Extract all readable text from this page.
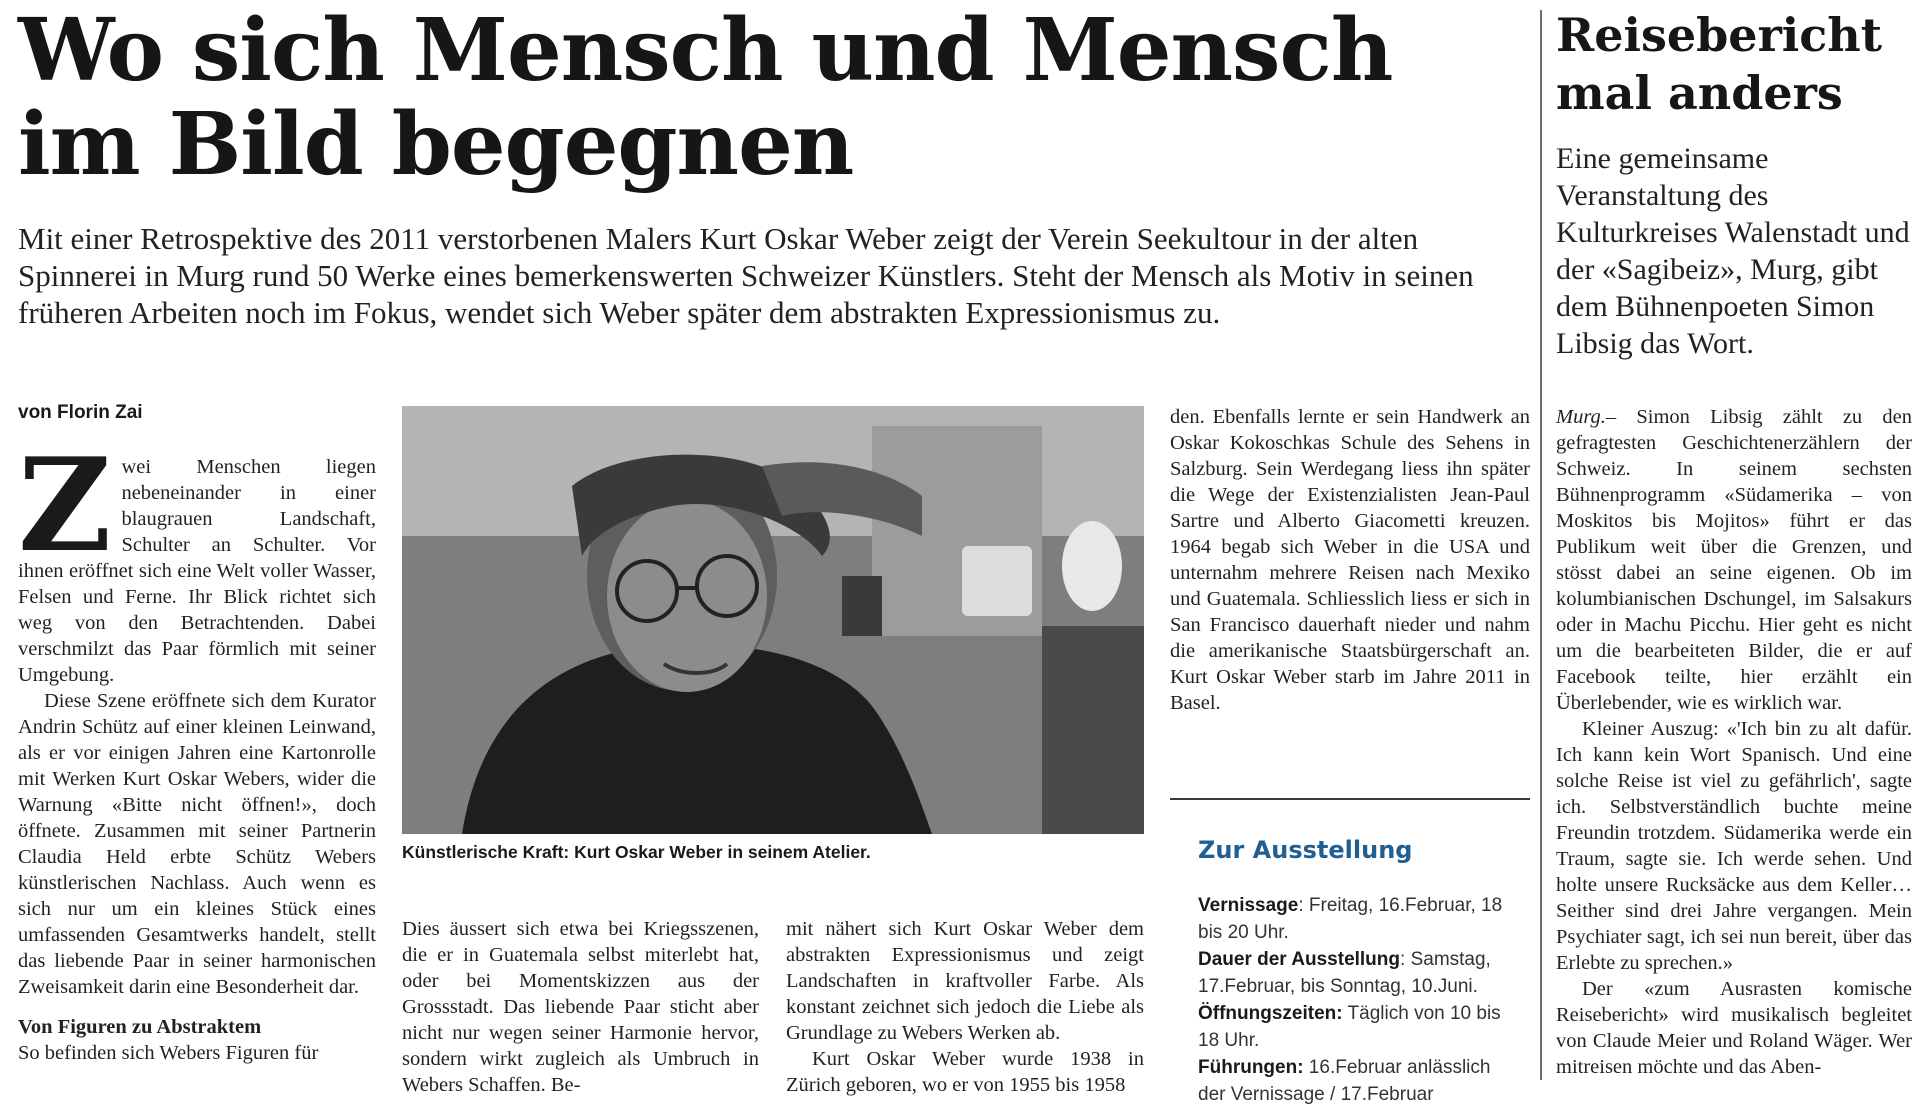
Wo sich Mensch und Mensch im Bild begegnen

Mit einer Retrospektive des 2011 verstorbenen Malers Kurt Oskar Weber zeigt der Verein Seekultour in der alten Spinnerei in Murg rund 50 Werke eines bemerkenswerten Schweizer Künstlers. Steht der Mensch als Motiv in seinen früheren Arbeiten noch im Fokus, wendet sich Weber später dem abstrakten Expressionismus zu.

Reisebericht mal anders

Eine gemeinsame Veranstaltung des Kulturkreises Walenstadt und der «Sagibeiz», Murg, gibt dem Bühnenpoeten Simon Libsig das Wort.

von Florin Zai

Zwei Menschen liegen nebeneinander in einer blaugrauen Landschaft, Schulter an Schulter. Vor ihnen eröffnet sich eine Welt voller Wasser, Felsen und Ferne. Ihr Blick richtet sich weg von den Betrachtenden. Dabei verschmilzt das Paar förmlich mit seiner Umgebung.

Diese Szene eröffnete sich dem Kurator Andrin Schütz auf einer kleinen Leinwand, als er vor einigen Jahren eine Kartonrolle mit Werken Kurt Oskar Webers, wider die Warnung «Bitte nicht öffnen!», doch öffnete. Zusammen mit seiner Partnerin Claudia Held erbte Schütz Webers künstlerischen Nachlass. Auch wenn es sich nur um ein kleines Stück eines umfassenden Gesamtwerks handelt, stellt das liebende Paar in seiner harmonischen Zweisamkeit darin eine Besonderheit dar.

Von Figuren zu Abstraktem

So befinden sich Webers Figuren für

Künstlerische Kraft: Kurt Oskar Weber in seinem Atelier.

Dies äussert sich etwa bei Kriegsszenen, die er in Guatemala selbst miterlebt hat, oder bei Momentskizzen aus der Grossstadt. Das liebende Paar sticht aber nicht nur wegen seiner Harmonie hervor, sondern wirkt zugleich als Umbruch in Webers Schaffen. Be-

mit nähert sich Kurt Oskar Weber dem abstrakten Expressionismus und zeigt Landschaften in kraftvoller Farbe. Als konstant zeichnet sich jedoch die Liebe als Grundlage zu Webers Werken ab.

Kurt Oskar Weber wurde 1938 in Zürich geboren, wo er von 1955 bis 1958

den. Ebenfalls lernte er sein Handwerk an Oskar Kokoschkas Schule des Sehens in Salzburg. Sein Werdegang liess ihn später die Wege der Existenzialisten Jean-Paul Sartre und Alberto Giacometti kreuzen. 1964 begab sich Weber in die USA und unternahm mehrere Reisen nach Mexiko und Guatemala. Schliesslich liess er sich in San Francisco dauerhaft nieder und nahm die amerikanische Staatsbürgerschaft an. Kurt Oskar Weber starb im Jahre 2011 in Basel.

Zur Ausstellung

Vernissage: Freitag, 16.Februar, 18 bis 20 Uhr.

Dauer der Ausstellung: Samstag, 17.Februar, bis Sonntag, 10.Juni.

Öffnungszeiten: Täglich von 10 bis 18 Uhr.

Führungen: 16.Februar anlässlich der Vernissage / 17.Februar

Murg.– Simon Libsig zählt zu den gefragtesten Geschichtenerzählern der Schweiz. In seinem sechsten Bühnenprogramm «Südamerika – von Moskitos bis Mojitos» führt er das Publikum weit über die Grenzen, und stösst dabei an seine eigenen. Ob im kolumbianischen Dschungel, im Salsakurs oder in Machu Picchu. Hier geht es nicht um die bearbeiteten Bilder, die er auf Facebook teilte, hier erzählt ein Überlebender, wie es wirklich war.

Kleiner Auszug: «'Ich bin zu alt dafür. Ich kann kein Wort Spanisch. Und eine solche Reise ist viel zu gefährlich', sagte ich. Selbstverständlich buchte meine Freundin trotzdem. Südamerika werde ein Traum, sagte sie. Ich werde sehen. Und holte unsere Rucksäcke aus dem Keller… Seither sind drei Jahre vergangen. Mein Psychiater sagt, ich sei nun bereit, über das Erlebte zu sprechen.»

Der «zum Ausrasten komische Reisebericht» wird musikalisch begleitet von Claude Meier und Roland Wäger. Wer mitreisen möchte und das Aben-
